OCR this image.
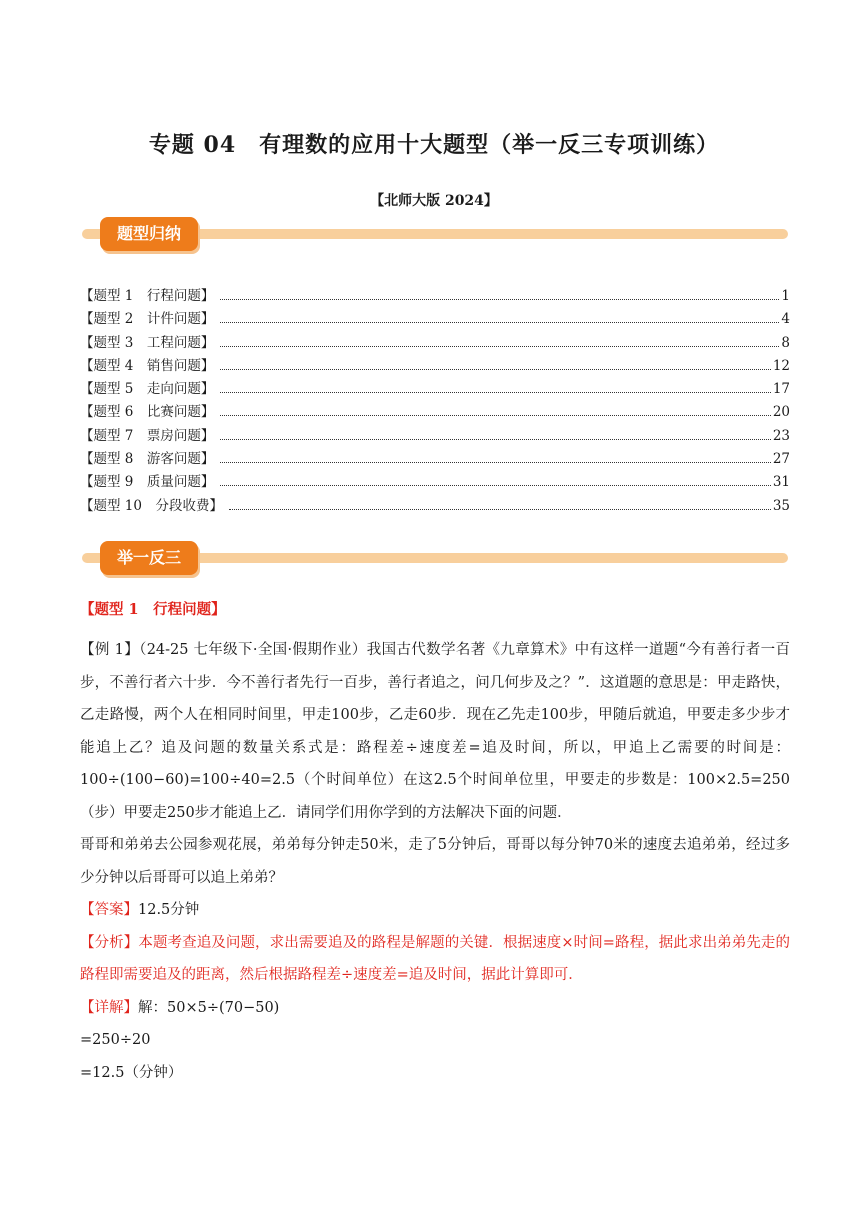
专题 04　有理数的应用十大题型（举一反三专项训练）
【北师大版 2024】
题型归纳
【题型 1　行程问题】	1
【题型 2　计件问题】	4
【题型 3　工程问题】	8
【题型 4　销售问题】	12
【题型 5　走向问题】	17
【题型 6　比赛问题】	20
【题型 7　票房问题】	23
【题型 8　游客问题】	27
【题型 9　质量问题】	31
【题型 10　分段收费】	35
举一反三
【题型 1　行程问题】

【例 1】（24-25 七年级下·全国·假期作业）我国古代数学名著《九章算术》中有这样一道题“今有善行者一百步，不善行者六十步．今不善行者先行一百步，善行者追之，问几何步及之？”．这道题的意思是：甲走路快，乙走路慢，两个人在相同时间里，甲走100步，乙走60步．现在乙先走100步，甲随后就追，甲要走多少步才能追上乙？追及问题的数量关系式是：路程差÷速度差=追及时间，所以，甲追上乙需要的时间是：100÷(100−60)=100÷40=2.5（个时间单位）在这2.5个时间单位里，甲要走的步数是：100×2.5=250（步）甲要走250步才能追上乙．请同学们用你学到的方法解决下面的问题．

哥哥和弟弟去公园参观花展，弟弟每分钟走50米，走了5分钟后，哥哥以每分钟70米的速度去追弟弟，经过多少分钟以后哥哥可以追上弟弟？

【答案】12.5分钟

【分析】本题考查追及问题，求出需要追及的路程是解题的关键．根据速度×时间=路程，据此求出弟弟先走的路程即需要追及的距离，然后根据路程差÷速度差=追及时间，据此计算即可．

【详解】解：50×5÷(70−50)

=250÷20

=12.5（分钟）
